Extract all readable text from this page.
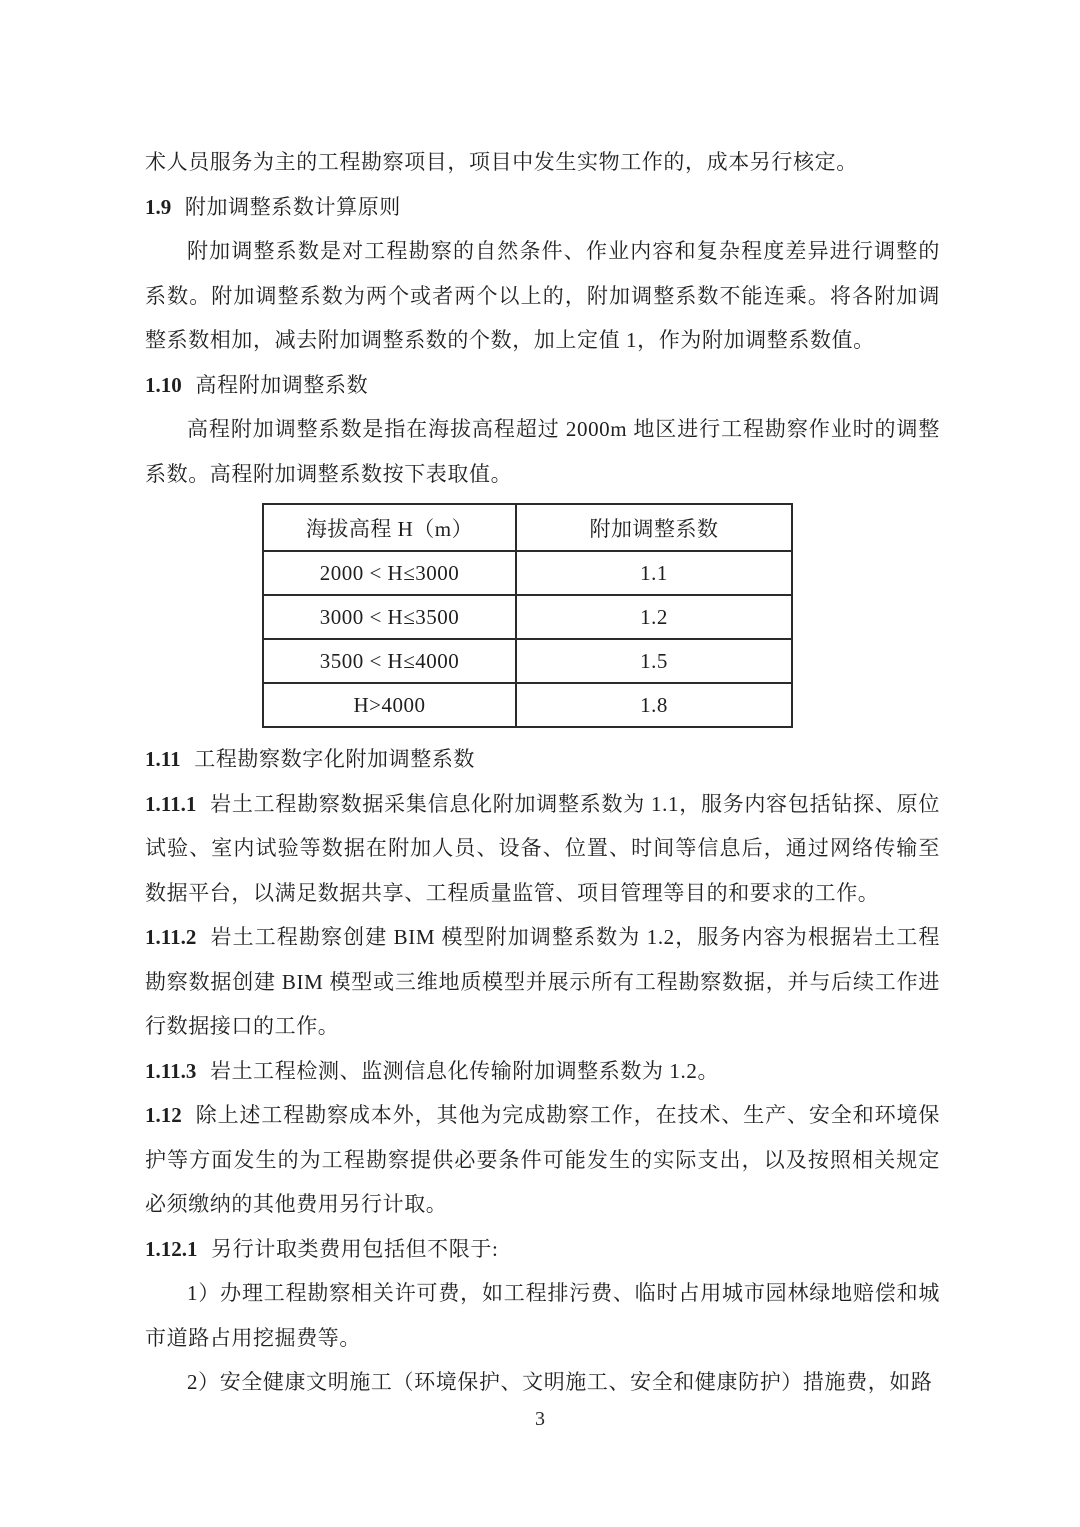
术人员服务为主的工程勘察项目，项目中发生实物工作的，成本另行核定。

1.9 附加调整系数计算原则

附加调整系数是对工程勘察的自然条件、作业内容和复杂程度差异进行调整的系数。附加调整系数为两个或者两个以上的，附加调整系数不能连乘。将各附加调整系数相加，减去附加调整系数的个数，加上定值 1，作为附加调整系数值。

1.10 高程附加调整系数

高程附加调整系数是指在海拔高程超过 2000m 地区进行工程勘察作业时的调整系数。高程附加调整系数按下表取值。

海拔高程 H（m）	附加调整系数
2000 < H≤3000	1.1
3000 < H≤3500	1.2
3500 < H≤4000	1.5
H>4000	1.8

1.11 工程勘察数字化附加调整系数

1.11.1 岩土工程勘察数据采集信息化附加调整系数为 1.1，服务内容包括钻探、原位试验、室内试验等数据在附加人员、设备、位置、时间等信息后，通过网络传输至数据平台，以满足数据共享、工程质量监管、项目管理等目的和要求的工作。

1.11.2 岩土工程勘察创建 BIM 模型附加调整系数为 1.2，服务内容为根据岩土工程勘察数据创建 BIM 模型或三维地质模型并展示所有工程勘察数据，并与后续工作进行数据接口的工作。

1.11.3 岩土工程检测、监测信息化传输附加调整系数为 1.2。

1.12 除上述工程勘察成本外，其他为完成勘察工作，在技术、生产、安全和环境保护等方面发生的为工程勘察提供必要条件可能发生的实际支出，以及按照相关规定必须缴纳的其他费用另行计取。

1.12.1 另行计取类费用包括但不限于:

1）办理工程勘察相关许可费，如工程排污费、临时占用城市园林绿地赔偿和城市道路占用挖掘费等。

2）安全健康文明施工（环境保护、文明施工、安全和健康防护）措施费，如路

3
